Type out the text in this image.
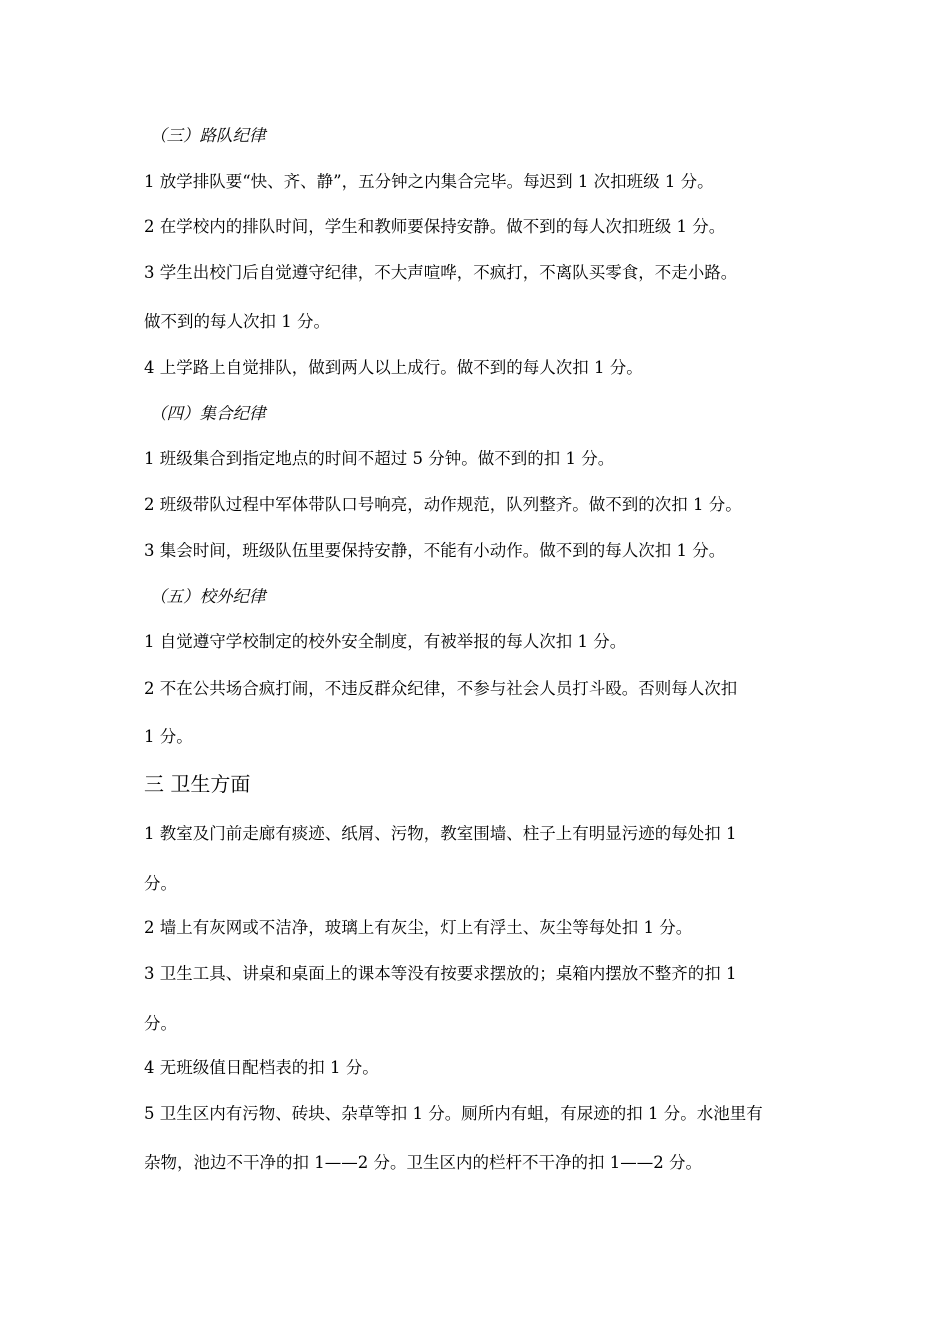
（三）路队纪律

1 放学排队要“快、齐、静”，五分钟之内集合完毕。每迟到 1 次扣班级 1 分。

2 在学校内的排队时间，学生和教师要保持安静。做不到的每人次扣班级 1 分。

3 学生出校门后自觉遵守纪律，不大声喧哗，不疯打，不离队买零食，不走小路。

做不到的每人次扣 1 分。

4 上学路上自觉排队，做到两人以上成行。做不到的每人次扣 1 分。

（四）集合纪律

1 班级集合到指定地点的时间不超过 5 分钟。做不到的扣 1 分。

2 班级带队过程中军体带队口号响亮，动作规范，队列整齐。做不到的次扣 1 分。

3 集会时间，班级队伍里要保持安静，不能有小动作。做不到的每人次扣 1 分。

（五）校外纪律

1 自觉遵守学校制定的校外安全制度，有被举报的每人次扣 1 分。

2 不在公共场合疯打闹，不违反群众纪律，不参与社会人员打斗殴。否则每人次扣

1 分。

三 卫生方面

1 教室及门前走廊有痰迹、纸屑、污物，教室围墙、柱子上有明显污迹的每处扣 1

分。

2 墙上有灰网或不洁净，玻璃上有灰尘，灯上有浮土、灰尘等每处扣 1 分。

3 卫生工具、讲桌和桌面上的课本等没有按要求摆放的；桌箱内摆放不整齐的扣 1

分。

4 无班级值日配档表的扣 1 分。

5 卫生区内有污物、砖块、杂草等扣 1 分。厕所内有蛆，有尿迹的扣 1 分。水池里有

杂物，池边不干净的扣 1——2 分。卫生区内的栏杆不干净的扣 1——2 分。
